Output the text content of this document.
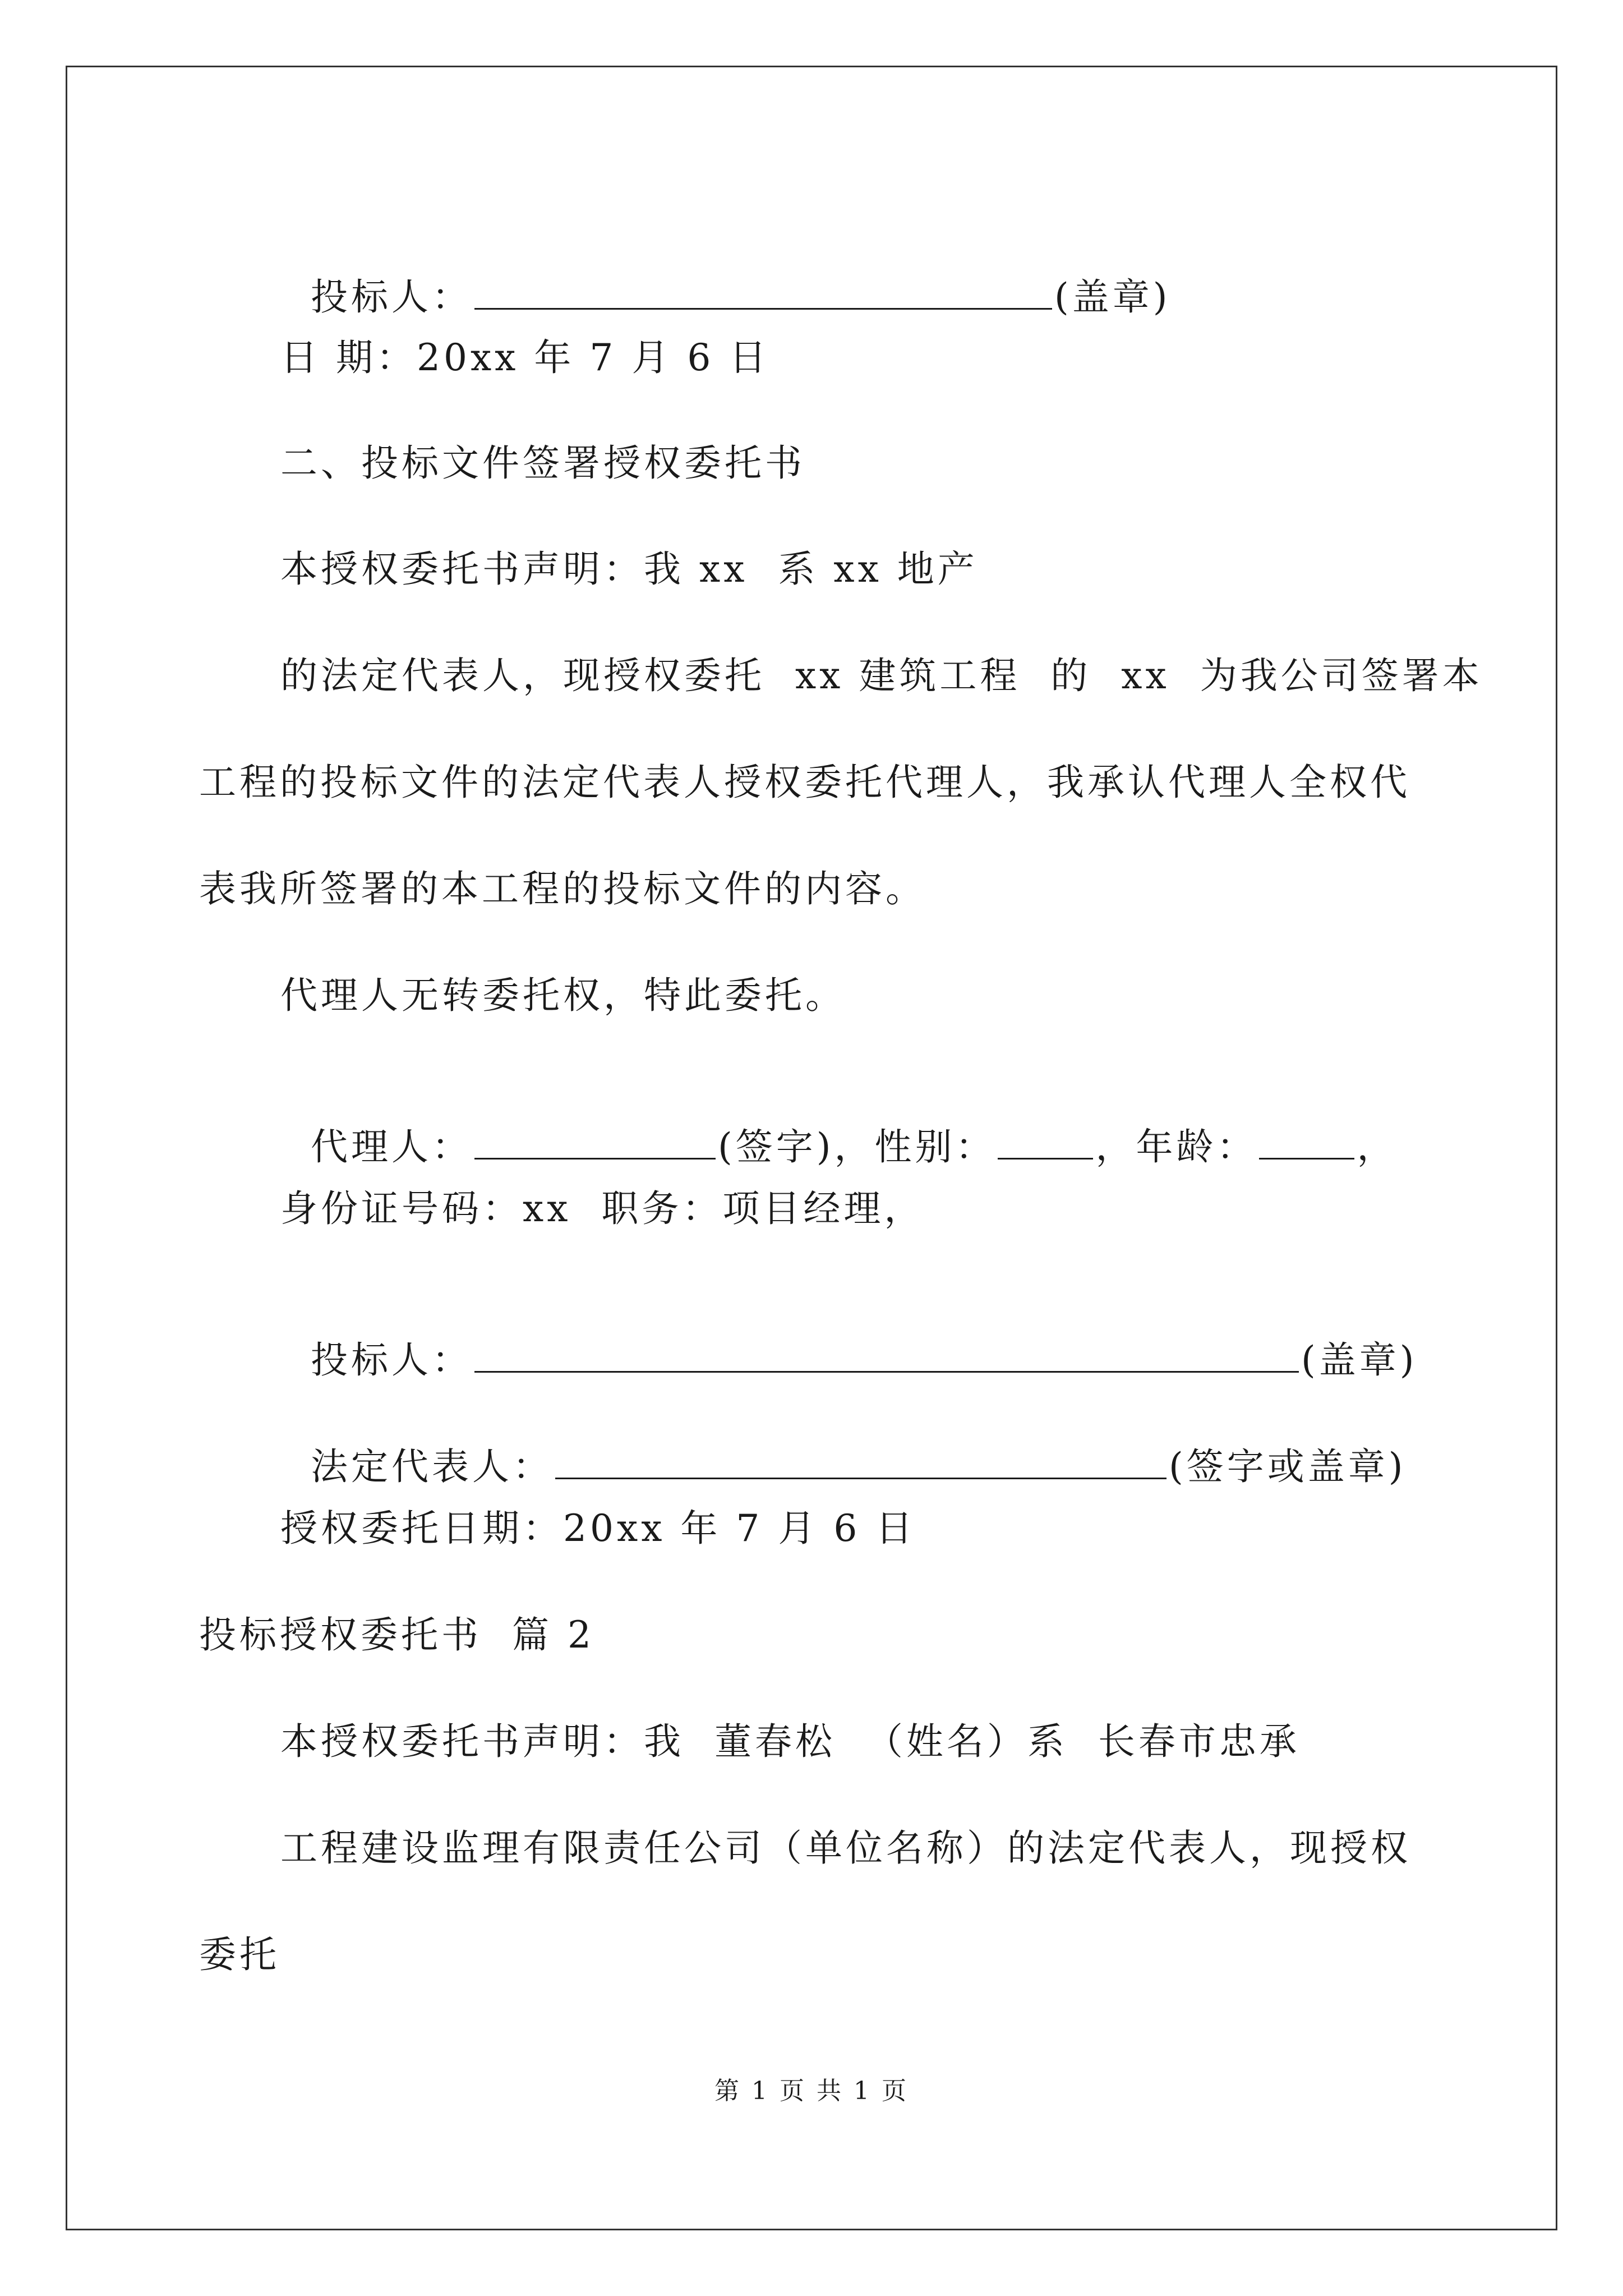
投标人：	(盖章)

日 期：20xx 年 7 月 6 日
二、投标文件签署授权委托书
本授权委托书声明：我 xx  系 xx 地产
的法定代表人，现授权委托  xx 建筑工程  的  xx  为我公司签署本
工程的投标文件的法定代表人授权委托代理人，我承认代理人全权代
表我所签署的本工程的投标文件的内容。
代理人无转委托权，特此委托。

代理人：	(签字)，性别：	，年龄：	，

身份证号码：xx  职务：项目经理，

投标人：	(盖章)

法定代表人：	(签字或盖章)

授权委托日期：20xx 年 7 月 6 日
投标授权委托书  篇 2
本授权委托书声明：我  董春松  （姓名）系  长春市忠承
工程建设监理有限责任公司（单位名称）的法定代表人，现授权
委托
第 1 页 共 1 页
